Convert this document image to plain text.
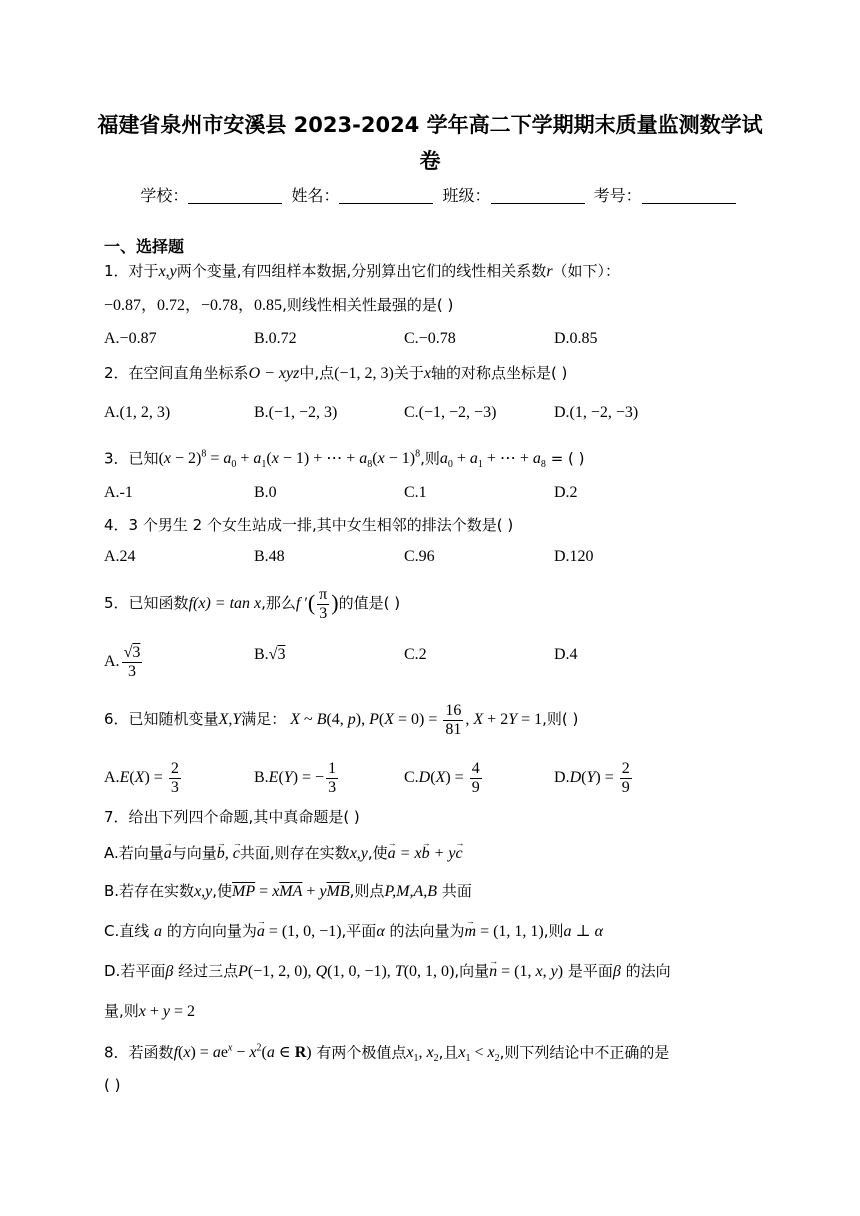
福建省泉州市安溪县 2023-2024 学年高二下学期期末质量监测数学试
卷
学校：	姓名：	班级：	考号：
一、选择题
1．对于x,y两个变量,有四组样本数据,分别算出它们的线性相关系数r（如下）：
−0.87，0.72，−0.78，0.85,则线性相关性最强的是( )
A.−0.87	B.0.72	C.−0.78	D.0.85
2．在空间直角坐标系O − xyz中,点(−1, 2, 3)关于x轴的对称点坐标是( )
A.(1, 2, 3)	B.(−1, −2, 3)	C.(−1, −2, −3)	D.(1, −2, −3)
3．已知$(x - 2)^8 = a_0 + a_1(x - 1)$ + ⋯ + $a_8(x - 1)^8$,则$a_0 + a_1$ + ⋯ + $a_8$ = ( )
A.-1	B.0	C.1	D.2
4．3 个男生 2 个女生站成一排,其中女生相邻的排法个数是( )
A.24	B.48	C.96	D.120
5．已知函数f(x) = tan x,那么f ′( $\frac{\pi}{3}$ )的值是( )
A. $\frac{√3}{3}$	B.√3	C.2	D.4
6．已知随机变量X,Y满足： X ~ B(4, p), $P(X = 0) = \frac{16}{81}$ , X + 2Y = 1,则( )
$A.E(X) = \frac{2}{3}$	B.E(Y) = − $\frac{1}{3}$	$C.D(X) = \frac{4}{9}$	$D.D(Y) = \frac{2}{9}$
7．给出下列四个命题,其中真命题是( )
A.若向量→ a与向量→ b, → c共面,则存在实数x,y,使→ a = x→ b + y→ c
B.若存在实数x,y,使$\overline{MP} = x\overline{MA} + y\overline{MB}$,则点P,M,A,B 共面
C.直线 a 的方向向量为→ a = (1, 0, −1),平面α 的法向量为→ m = (1, 1, 1),则a ⊥ α
D.若平面β 经过三点P(−1, 2, 0), Q(1, 0, −1), T(0, 1, 0),向量→ n = (1, x, y) 是平面β 的法向
量,则x + y = 2
8．若函数$f(x) = ae^x - x^2(a$ ∈ R) 有两个极值点$x_1$, $x_2$,且$x_1 < x_2$,则下列结论中不正确的是
( )
